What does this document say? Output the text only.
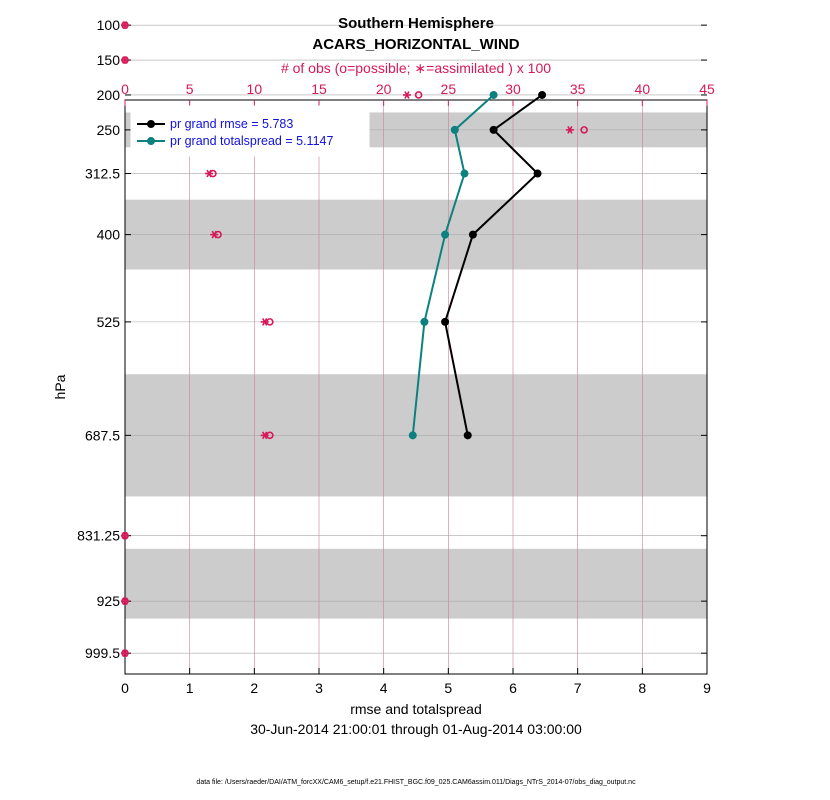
0	1	2	3	4	5	6	7	8	9
0	5	10	15	20	25	30	35	40	45
100
150
200
250
312.5
400
525
687.5
831.25
925
999.5
Southern Hemisphere
ACARS_HORIZONTAL_WIND
# of obs (o=possible; ∗=assimilated ) x 100
rmse and totalspread
30-Jun-2014 21:00:01 through 01-Aug-2014 03:00:00
hPa
data file: /Users/raeder/DAI/ATM_forcXX/CAM6_setup/f.e21.FHIST_BGC.f09_025.CAM6assim.011/Diags_NTrS_2014-07/obs_diag_output.nc
pr grand rmse = 5.783
pr grand totalspread = 5.1147
